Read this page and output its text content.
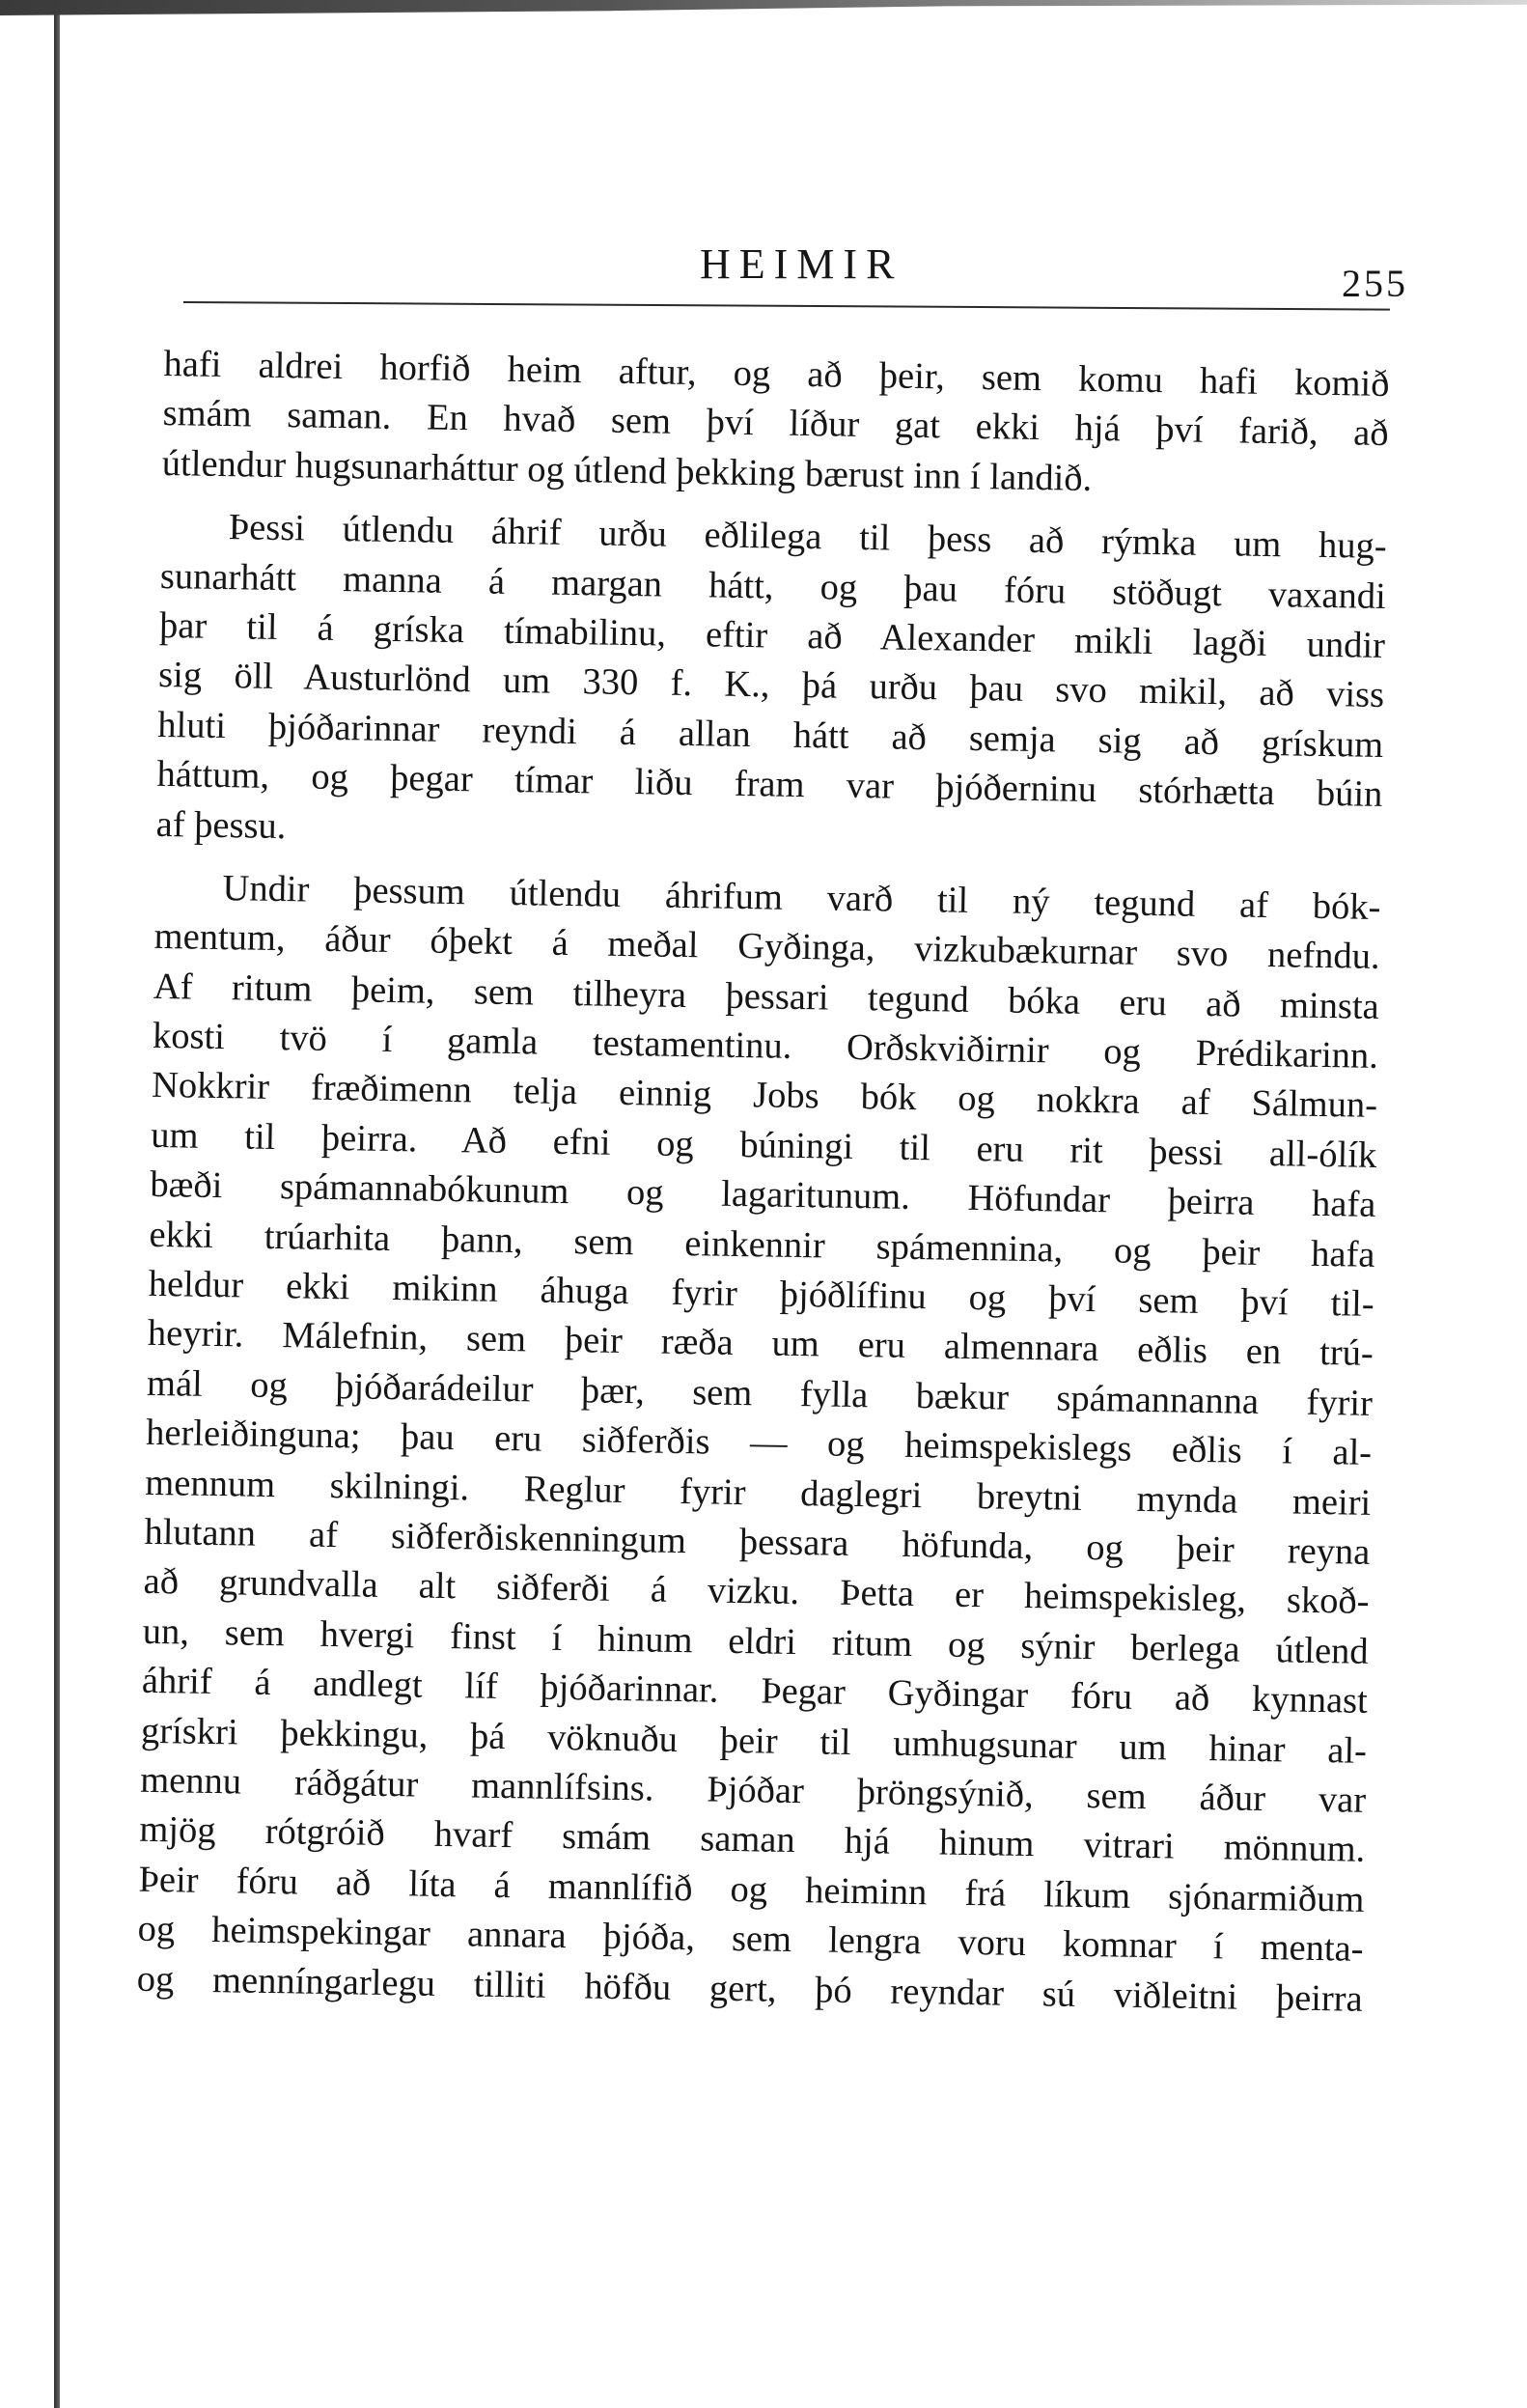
HEIMIR	255
hafi aldrei horfið heim aftur, og að þeir, sem komu hafi komið
smám saman. En hvað sem því líður gat ekki hjá því farið, að
útlendur hugsunarháttur og útlend þekking bærust inn í landið.
Þessi útlendu áhrif urðu eðlilega til þess að rýmka um hug-
sunarhátt manna á margan hátt, og þau fóru stöðugt vaxandi
þar til á gríska tímabilinu, eftir að Alexander mikli lagði undir
sig öll Austurlönd um 330 f. K., þá urðu þau svo mikil, að viss
hluti þjóðarinnar reyndi á allan hátt að semja sig að grískum
háttum, og þegar tímar liðu fram var þjóðerninu stórhætta búin
af þessu.
Undir þessum útlendu áhrifum varð til ný tegund af bók-
mentum, áður óþekt á meðal Gyðinga, vizkubækurnar svo nefndu.
Af ritum þeim, sem tilheyra þessari tegund bóka eru að minsta
kosti tvö í gamla testamentinu. Orðskviðirnir og Prédikarinn.
Nokkrir fræðimenn telja einnig Jobs bók og nokkra af Sálmun-
um til þeirra. Að efni og búningi til eru rit þessi all-ólík
bæði spámannabókunum og lagaritunum. Höfundar þeirra hafa
ekki trúarhita þann, sem einkennir spámennina, og þeir hafa
heldur ekki mikinn áhuga fyrir þjóðlífinu og því sem því til-
heyrir. Málefnin, sem þeir ræða um eru almennara eðlis en trú-
mál og þjóðarádeilur þær, sem fylla bækur spámannanna fyrir
herleiðinguna; þau eru siðferðis — og heimspekislegs eðlis í al-
mennum skilningi. Reglur fyrir daglegri breytni mynda meiri
hlutann af siðferðiskenningum þessara höfunda, og þeir reyna
að grundvalla alt siðferði á vizku. Þetta er heimspekisleg, skoð-
un, sem hvergi finst í hinum eldri ritum og sýnir berlega útlend
áhrif á andlegt líf þjóðarinnar. Þegar Gyðingar fóru að kynnast
grískri þekkingu, þá vöknuðu þeir til umhugsunar um hinar al-
mennu ráðgátur mannlífsins. Þjóðar þröngsýnið, sem áður var
mjög rótgróið hvarf smám saman hjá hinum vitrari mönnum.
Þeir fóru að líta á mannlífið og heiminn frá líkum sjónarmiðum
og heimspekingar annara þjóða, sem lengra voru komnar í menta-
og menníngarlegu tilliti höfðu gert, þó reyndar sú viðleitni þeirra
